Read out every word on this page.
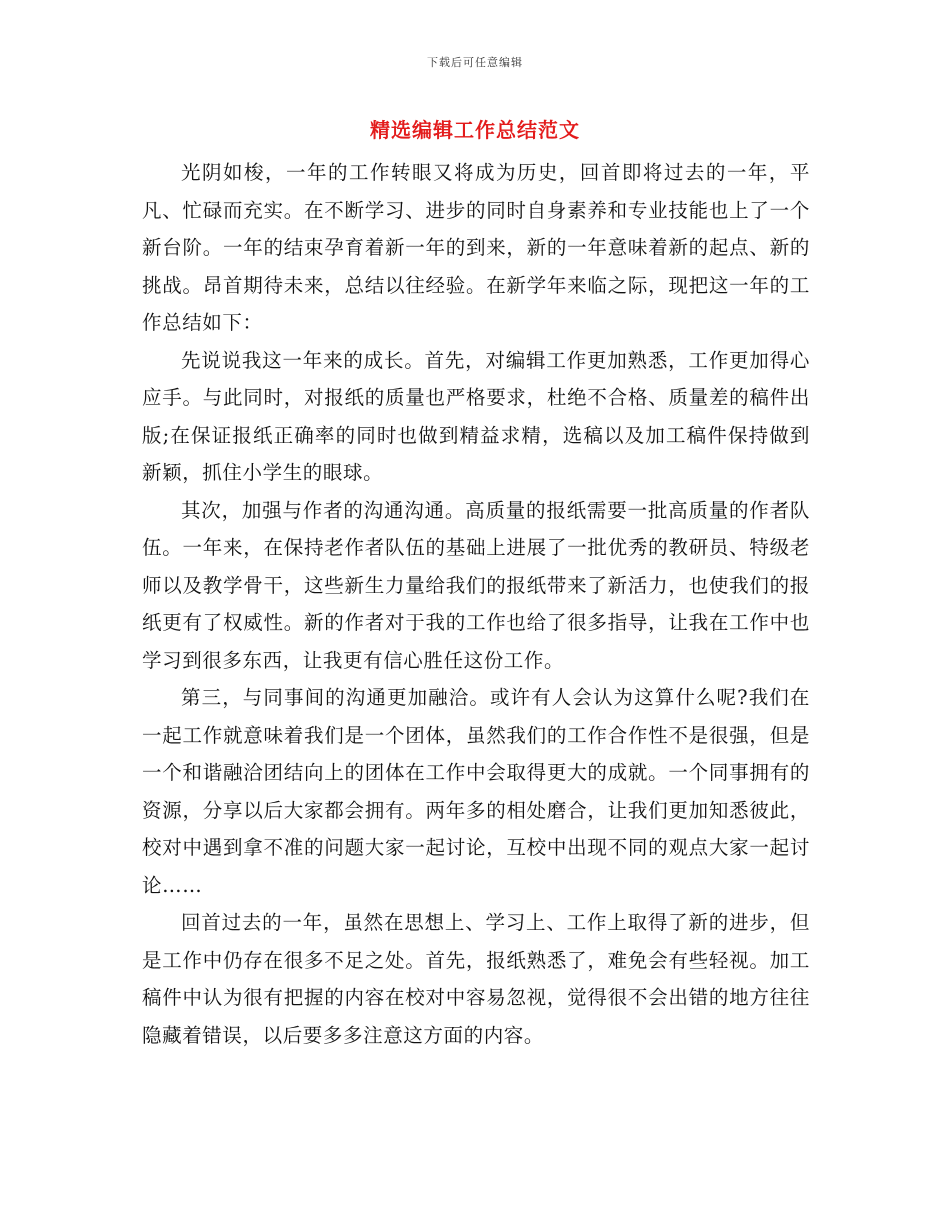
下载后可任意编辑
精选编辑工作总结范文

光阴如梭，一年的工作转眼又将成为历史，回首即将过去的一年，平凡、忙碌而充实。在不断学习、进步的同时自身素养和专业技能也上了一个新台阶。一年的结束孕育着新一年的到来，新的一年意味着新的起点、新的挑战。昂首期待未来，总结以往经验。在新学年来临之际，现把这一年的工作总结如下：

先说说我这一年来的成长。首先，对编辑工作更加熟悉，工作更加得心应手。与此同时，对报纸的质量也严格要求，杜绝不合格、质量差的稿件出版;在保证报纸正确率的同时也做到精益求精，选稿以及加工稿件保持做到新颖，抓住小学生的眼球。

其次，加强与作者的沟通沟通。高质量的报纸需要一批高质量的作者队伍。一年来，在保持老作者队伍的基础上进展了一批优秀的教研员、特级老师以及教学骨干，这些新生力量给我们的报纸带来了新活力，也使我们的报纸更有了权威性。新的作者对于我的工作也给了很多指导，让我在工作中也学习到很多东西，让我更有信心胜任这份工作。

第三，与同事间的沟通更加融洽。或许有人会认为这算什么呢?我们在一起工作就意味着我们是一个团体，虽然我们的工作合作性不是很强，但是一个和谐融洽团结向上的团体在工作中会取得更大的成就。一个同事拥有的资源，分享以后大家都会拥有。两年多的相处磨合，让我们更加知悉彼此，校对中遇到拿不准的问题大家一起讨论，互校中出现不同的观点大家一起讨论……

回首过去的一年，虽然在思想上、学习上、工作上取得了新的进步，但是工作中仍存在很多不足之处。首先，报纸熟悉了，难免会有些轻视。加工稿件中认为很有把握的内容在校对中容易忽视，觉得很不会出错的地方往往隐藏着错误，以后要多多注意这方面的内容。
